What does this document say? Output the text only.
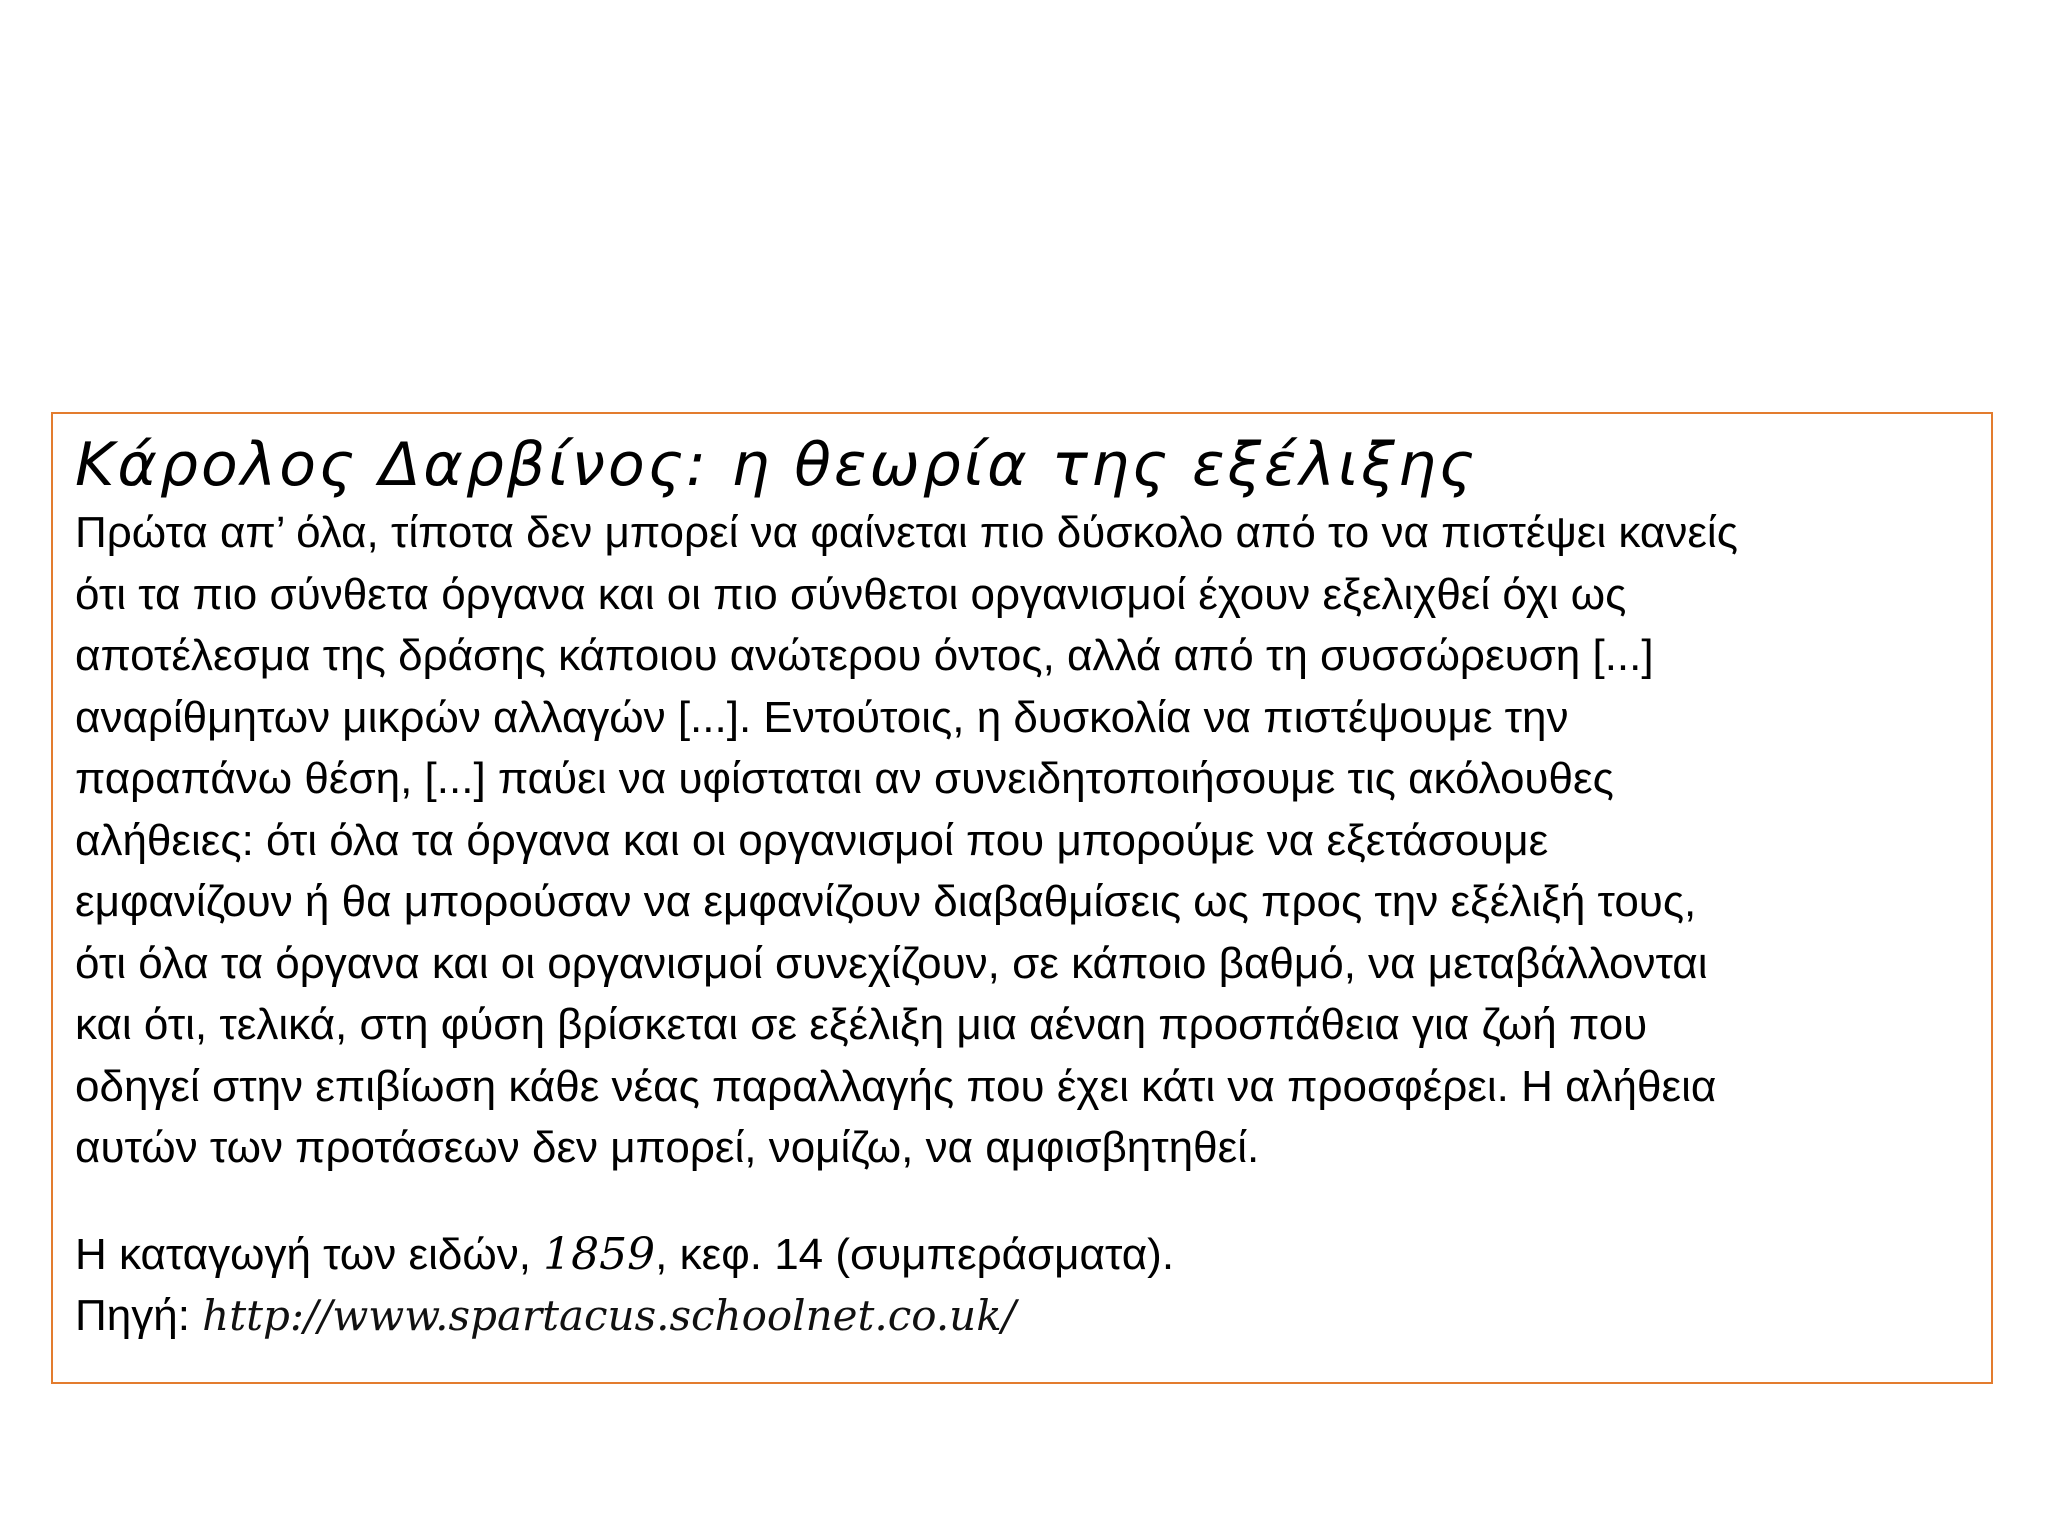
Κάρολος Δαρβίνος: η θεωρία της εξέλιξης
Πρώτα απ’ όλα, τίποτα δεν μπορεί να φαίνεται πιο δύσκολο από το να πιστέψει κανείς
ότι τα πιο σύνθετα όργανα και οι πιο σύνθετοι οργανισμοί έχουν εξελιχθεί όχι ως
αποτέλεσμα της δράσης κάποιου ανώτερου όντος, αλλά από τη συσσώρευση [...]
αναρίθμητων μικρών αλλαγών [...]. Εντούτοις, η δυσκολία να πιστέψουμε την
παραπάνω θέση, [...] παύει να υφίσταται αν συνειδητοποιήσουμε τις ακόλουθες
αλήθειες: ότι όλα τα όργανα και οι οργανισμοί που μπορούμε να εξετάσουμε
εμφανίζουν ή θα μπορούσαν να εμφανίζουν διαβαθμίσεις ως προς την εξέλιξή τους,
ότι όλα τα όργανα και οι οργανισμοί συνεχίζουν, σε κάποιο βαθμό, να μεταβάλλονται
και ότι, τελικά, στη φύση βρίσκεται σε εξέλιξη μια αέναη προσπάθεια για ζωή που
οδηγεί στην επιβίωση κάθε νέας παραλλαγής που έχει κάτι να προσφέρει. Η αλήθεια
αυτών των προτάσεων δεν μπορεί, νομίζω, να αμφισβητηθεί.
Η καταγωγή των ειδών, 1859, κεφ. 14 (συμπεράσματα).
Πηγή: http://www.spartacus.schoolnet.co.uk/
